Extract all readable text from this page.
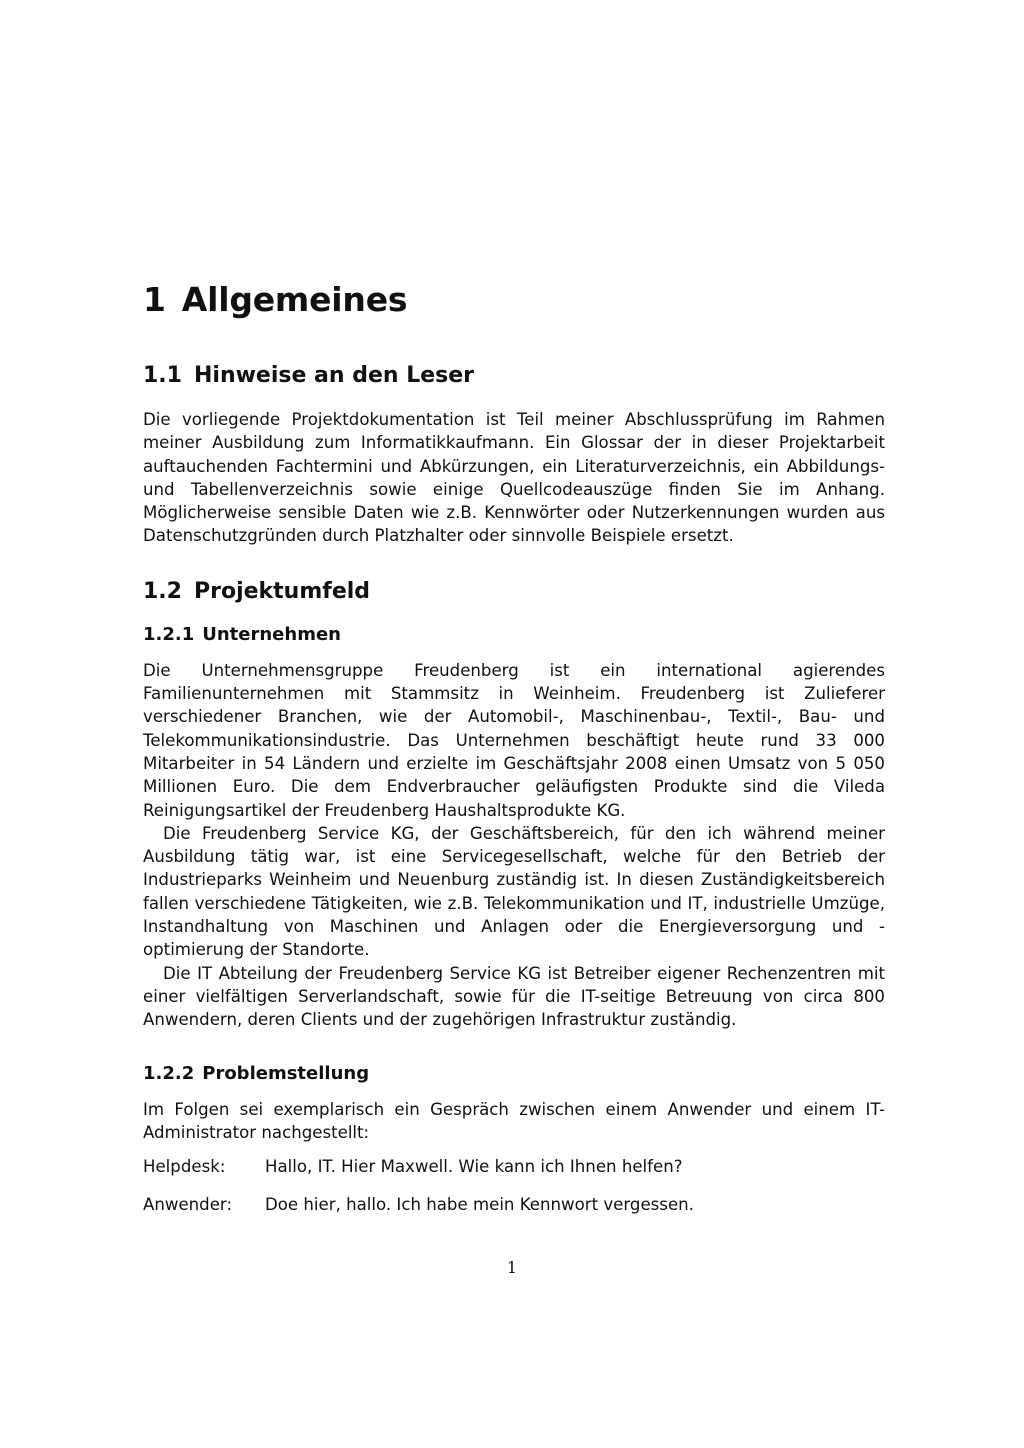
1 Allgemeines
1.1 Hinweise an den Leser

Die vorliegende Projektdokumentation ist Teil meiner Abschlussprüfung im Rahmen meiner Ausbildung zum Informatikkaufmann. Ein Glossar der in dieser Projektarbeit auftauchenden Fachtermini und Abkürzungen, ein Literaturverzeichnis, ein Abbildungs- und Tabellenverzeichnis sowie einige Quellcodeauszüge finden Sie im Anhang. Möglicherweise sensible Daten wie z.B. Kennwörter oder Nutzerkennungen wurden aus Datenschutzgründen durch Platzhalter oder sinnvolle Beispiele ersetzt.

1.2 Projektumfeld
1.2.1 Unternehmen

Die Unternehmensgruppe Freudenberg ist ein international agierendes Familienunternehmen mit Stammsitz in Weinheim. Freudenberg ist Zulieferer verschiedener Branchen, wie der Automobil-, Maschinenbau-, Textil-, Bau- und Telekommunikationsindustrie. Das Unternehmen beschäftigt heute rund 33 000 Mitarbeiter in 54 Ländern und erzielte im Geschäftsjahr 2008 einen Umsatz von 5 050 Millionen Euro. Die dem Endverbraucher geläufigsten Produkte sind die Vileda Reinigungsartikel der Freudenberg Haushaltsprodukte KG.

Die Freudenberg Service KG, der Geschäftsbereich, für den ich während meiner Ausbildung tätig war, ist eine Servicegesellschaft, welche für den Betrieb der Industrieparks Weinheim und Neuenburg zuständig ist. In diesen Zuständigkeitsbereich fallen verschiedene Tätigkeiten, wie z.B. Telekommunikation und IT, industrielle Umzüge, Instandhaltung von Maschinen und Anlagen oder die Energieversorgung und -optimierung der Standorte.

Die IT Abteilung der Freudenberg Service KG ist Betreiber eigener Rechenzentren mit einer vielfältigen Serverlandschaft, sowie für die IT-seitige Betreuung von circa 800 Anwendern, deren Clients und der zugehörigen Infrastruktur zuständig.

1.2.2 Problemstellung

Im Folgen sei exemplarisch ein Gespräch zwischen einem Anwender und einem IT-Administrator nachgestellt:

Helpdesk:	Hallo, IT. Hier Maxwell. Wie kann ich Ihnen helfen?
Anwender:	Doe hier, hallo. Ich habe mein Kennwort vergessen.
1
